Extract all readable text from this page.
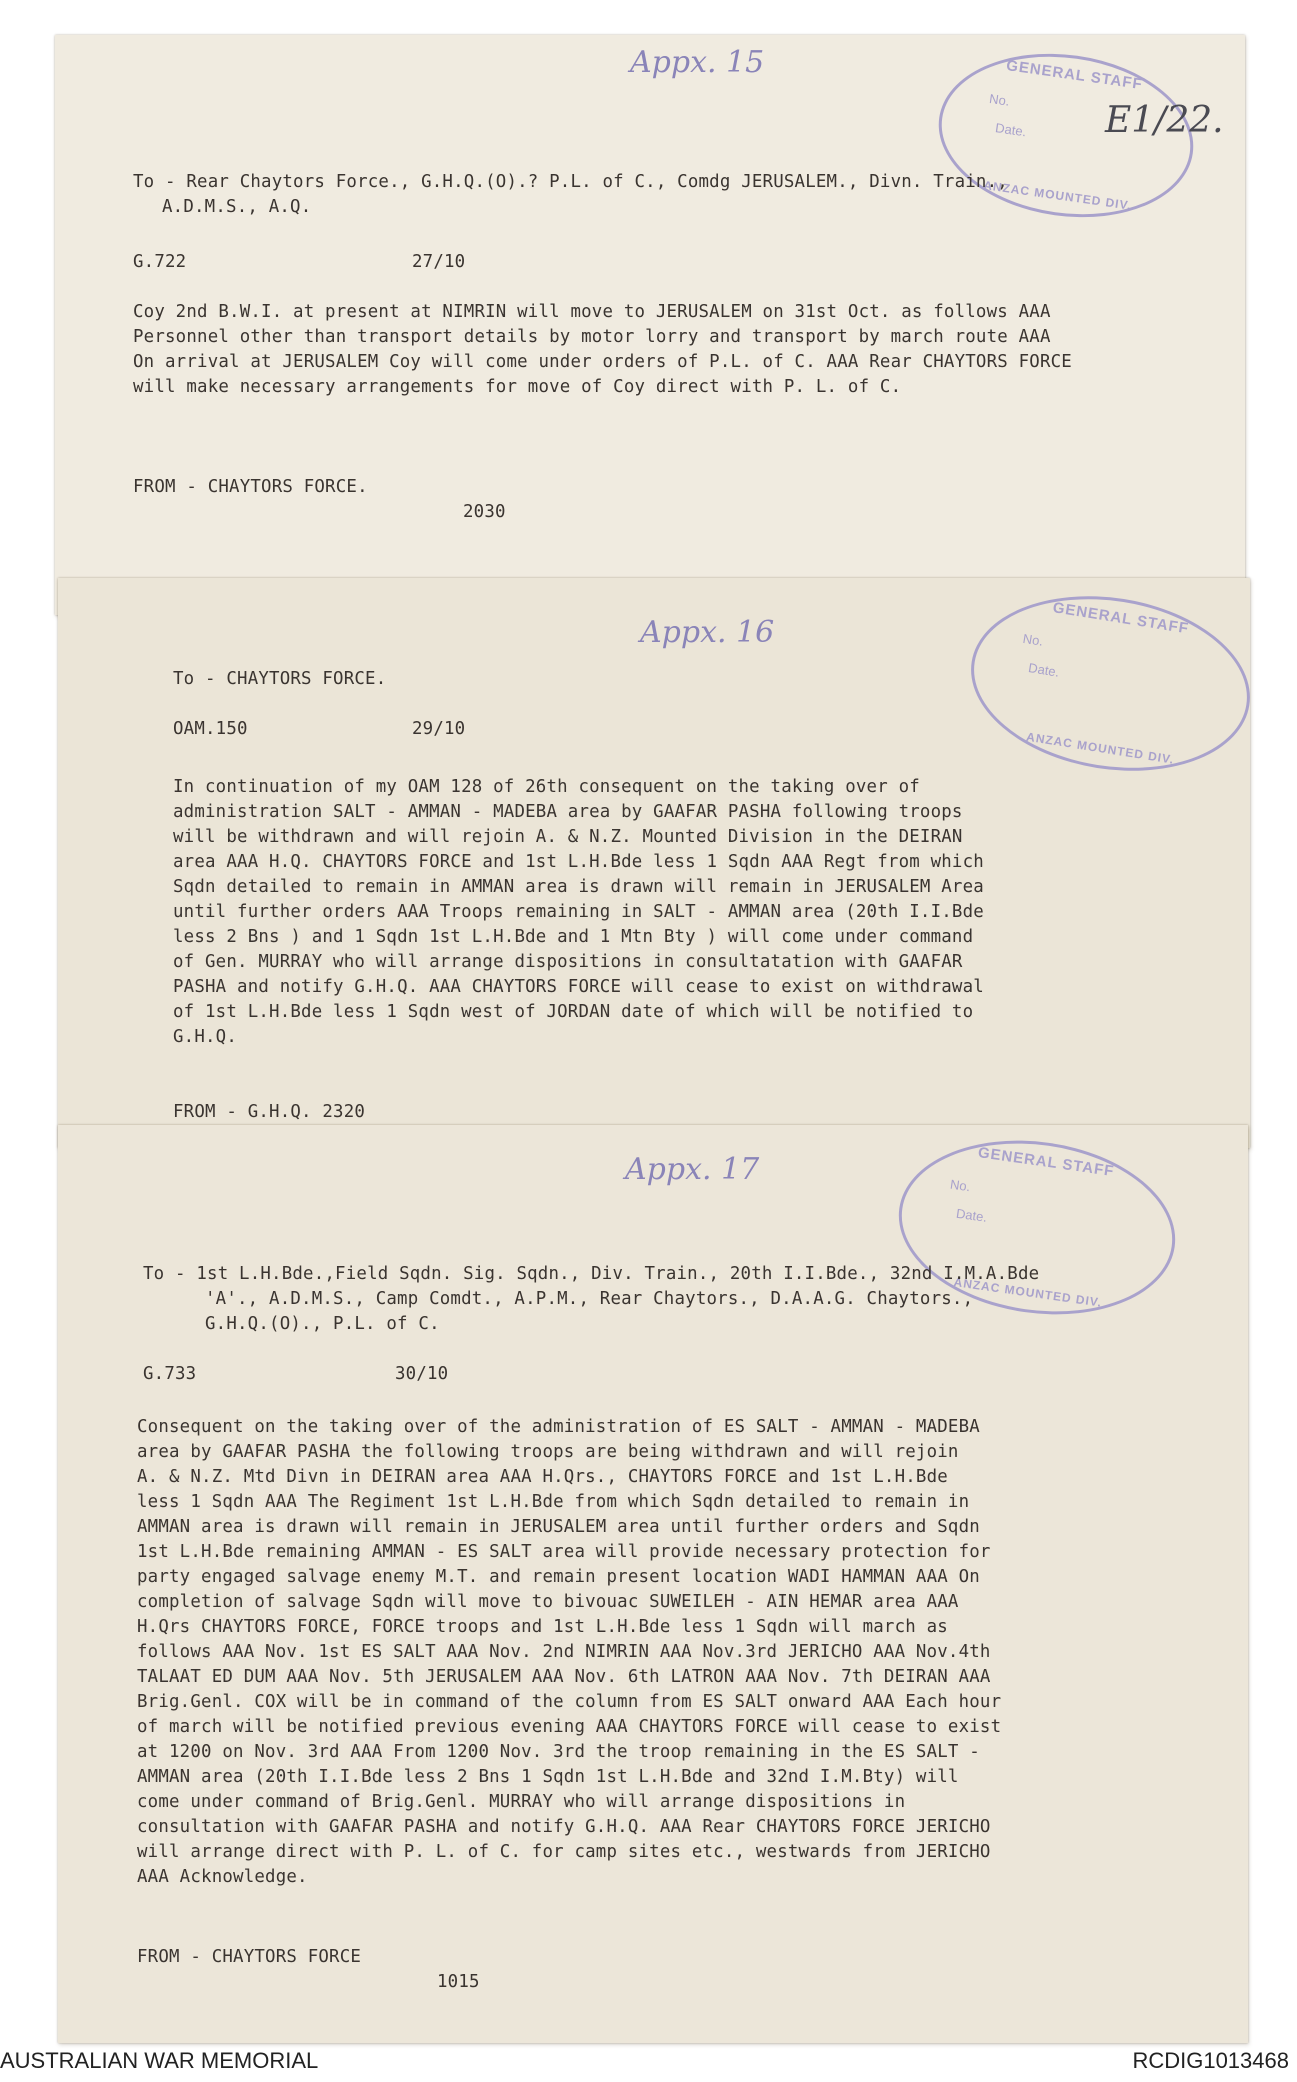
Appx. 15	GENERAL STAFF
No.
Date.
ANZAC MOUNTED DIV.
E1/22.
To - Rear Chaytors Force., G.H.Q.(O).? P.L. of C., Comdg JERUSALEM., Divn. Train.,
A.D.M.S., A.Q.
G.722	27/10
Coy 2nd B.W.I. at present at NIMRIN will move to JERUSALEM on 31st Oct. as follows AAA
Personnel other than transport details by motor lorry and transport by march route AAA
On arrival at JERUSALEM Coy will come under orders of P.L. of C. AAA Rear CHAYTORS FORCE
will make necessary arrangements for move of Coy direct with P. L. of C.
FROM - CHAYTORS FORCE.
2030
Appx. 16	GENERAL STAFF
No.
Date.
ANZAC MOUNTED DIV.
To - CHAYTORS FORCE.
OAM.150	29/10
In continuation of my OAM 128 of 26th consequent on the taking over of
administration SALT - AMMAN - MADEBA area by GAAFAR PASHA following troops
will be withdrawn and will rejoin A. & N.Z. Mounted Division in the DEIRAN
area AAA H.Q. CHAYTORS FORCE and 1st L.H.Bde less 1 Sqdn AAA Regt from which
Sqdn detailed to remain in AMMAN area is drawn will remain in JERUSALEM Area
until further orders AAA Troops remaining in SALT - AMMAN area (20th I.I.Bde
less 2 Bns ) and 1 Sqdn 1st L.H.Bde and 1 Mtn Bty ) will come under command
of Gen. MURRAY who will arrange dispositions in consultatation with GAAFAR
PASHA and notify G.H.Q. AAA CHAYTORS FORCE will cease to exist on withdrawal
of 1st L.H.Bde less 1 Sqdn west of JORDAN date of which will be notified to
G.H.Q.
FROM - G.H.Q. 2320
Appx. 17	GENERAL STAFF
No.
Date.
ANZAC MOUNTED DIV.
To - 1st L.H.Bde.,Field Sqdn. Sig. Sqdn., Div. Train., 20th I.I.Bde., 32nd I.M.A.Bde
'A'., A.D.M.S., Camp Comdt., A.P.M., Rear Chaytors., D.A.A.G. Chaytors.,
G.H.Q.(O)., P.L. of C.
G.733	30/10
Consequent on the taking over of the administration of ES SALT - AMMAN - MADEBA
area by GAAFAR PASHA the following troops are being withdrawn and will rejoin
A. & N.Z. Mtd Divn in DEIRAN area AAA H.Qrs., CHAYTORS FORCE and 1st L.H.Bde
less 1 Sqdn AAA The Regiment 1st L.H.Bde from which Sqdn detailed to remain in
AMMAN area is drawn will remain in JERUSALEM area until further orders and Sqdn
1st L.H.Bde remaining AMMAN - ES SALT area will provide necessary protection for
party engaged salvage enemy M.T. and remain present location WADI HAMMAN AAA On
completion of salvage Sqdn will move to bivouac SUWEILEH - AIN HEMAR area AAA
H.Qrs CHAYTORS FORCE, FORCE troops and 1st L.H.Bde less 1 Sqdn will march as
follows AAA Nov. 1st ES SALT AAA Nov. 2nd NIMRIN AAA Nov.3rd JERICHO AAA Nov.4th
TALAAT ED DUM AAA Nov. 5th JERUSALEM AAA Nov. 6th LATRON AAA Nov. 7th DEIRAN AAA
Brig.Genl. COX will be in command of the column from ES SALT onward AAA Each hour
of march will be notified previous evening AAA CHAYTORS FORCE will cease to exist
at 1200 on Nov. 3rd AAA From 1200 Nov. 3rd the troop remaining in the ES SALT -
AMMAN area (20th I.I.Bde less 2 Bns 1 Sqdn 1st L.H.Bde and 32nd I.M.Bty) will
come under command of Brig.Genl. MURRAY who will arrange dispositions in
consultation with GAAFAR PASHA and notify G.H.Q. AAA Rear CHAYTORS FORCE JERICHO
will arrange direct with P. L. of C. for camp sites etc., westwards from JERICHO
AAA Acknowledge.
FROM - CHAYTORS FORCE
1015
AUSTRALIAN WAR MEMORIAL	RCDIG1013468
